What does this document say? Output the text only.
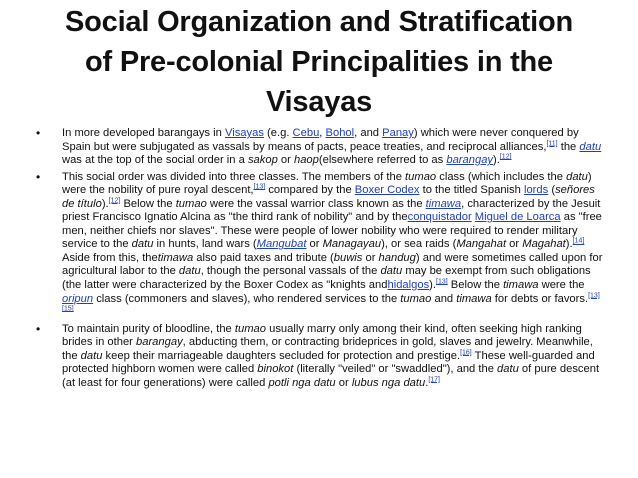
Social Organization and Stratification
of Pre-colonial Principalities in the
Visayas
• In more developed barangays in Visayas (e.g. Cebu, Bohol, and Panay) which were never conquered by Spain but were subjugated as vassals by means of pacts, peace treaties, and reciprocal alliances,[11] the datu was at the top of the social order in a sakop or haop(elsewhere referred to as barangay).[12]
• This social order was divided into three classes. The members of the tumao class (which includes the datu) were the nobility of pure royal descent,[13] compared by the Boxer Codex to the titled Spanish lords (señores de título).[12] Below the tumao were the vassal warrior class known as the timawa, characterized by the Jesuit priest Francisco Ignatio Alcina as "the third rank of nobility" and by theconquistador Miguel de Loarca as "free men, neither chiefs nor slaves". These were people of lower nobility who were required to render military service to the datu in hunts, land wars (Mangubat or Managayau), or sea raids (Mangahat or Magahat).[14] Aside from this, thetimawa also paid taxes and tribute (buwis or handug) and were sometimes called upon for agricultural labor to the datu, though the personal vassals of the datu may be exempt from such obligations (the latter were characterized by the Boxer Codex as "knights andhidalgos).[13] Below the timawa were the oripun class (commoners and slaves), who rendered services to the tumao and timawa for debts or favors.[13][15]
• To maintain purity of bloodline, the tumao usually marry only among their kind, often seeking high ranking brides in other barangay, abducting them, or contracting brideprices in gold, slaves and jewelry. Meanwhile, the datu keep their marriageable daughters secluded for protection and prestige.[16] These well-guarded and protected highborn women were called binokot (literally "veiled" or "swaddled"), and the datu of pure descent (at least for four generations) were called potli nga datu or lubus nga datu.[17]
